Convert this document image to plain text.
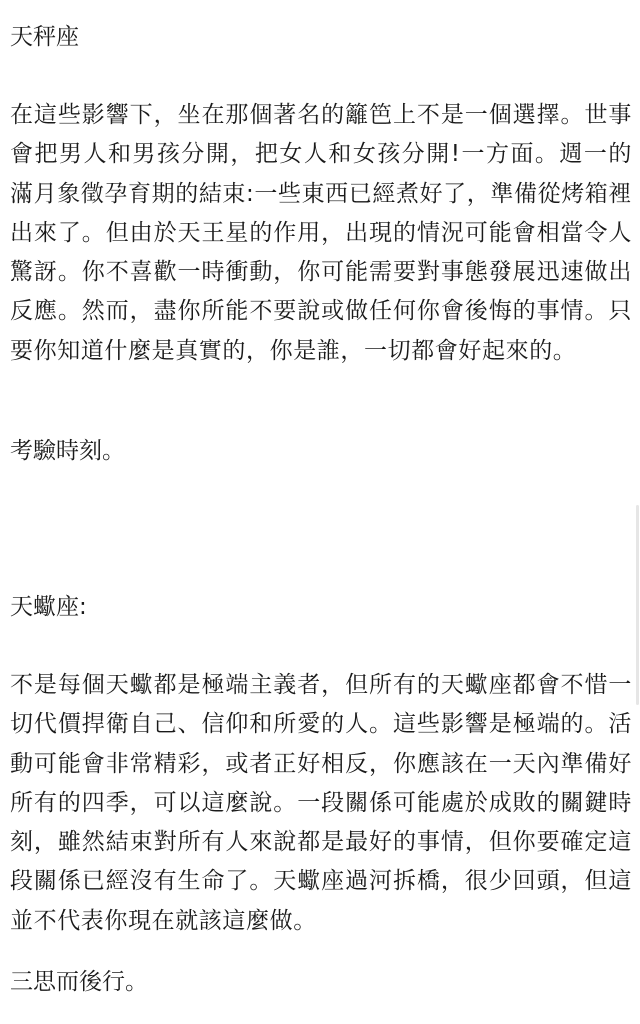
天秤座

在這些影響下，坐在那個著名的籬笆上不是一個選擇。世事會把男人和男孩分開，把女人和女孩分開!一方面。週一的滿月象徵孕育期的結束:一些東西已經煮好了，準備從烤箱裡出來了。但由於天王星的作用，出現的情況可能會相當令人驚訝。你不喜歡一時衝動，你可能需要對事態發展迅速做出反應。然而，盡你所能不要說或做任何你會後悔的事情。只要你知道什麼是真實的，你是誰，一切都會好起來的。

考驗時刻。

天蠍座:

不是每個天蠍都是極端主義者，但所有的天蠍座都會不惜一切代價捍衛自己、信仰和所愛的人。這些影響是極端的。活動可能會非常精彩，或者正好相反，你應該在一天內準備好所有的四季，可以這麼說。一段關係可能處於成敗的關鍵時刻，雖然結束對所有人來說都是最好的事情，但你要確定這段關係已經沒有生命了。天蠍座過河拆橋，很少回頭，但這並不代表你現在就該這麼做。

三思而後行。
